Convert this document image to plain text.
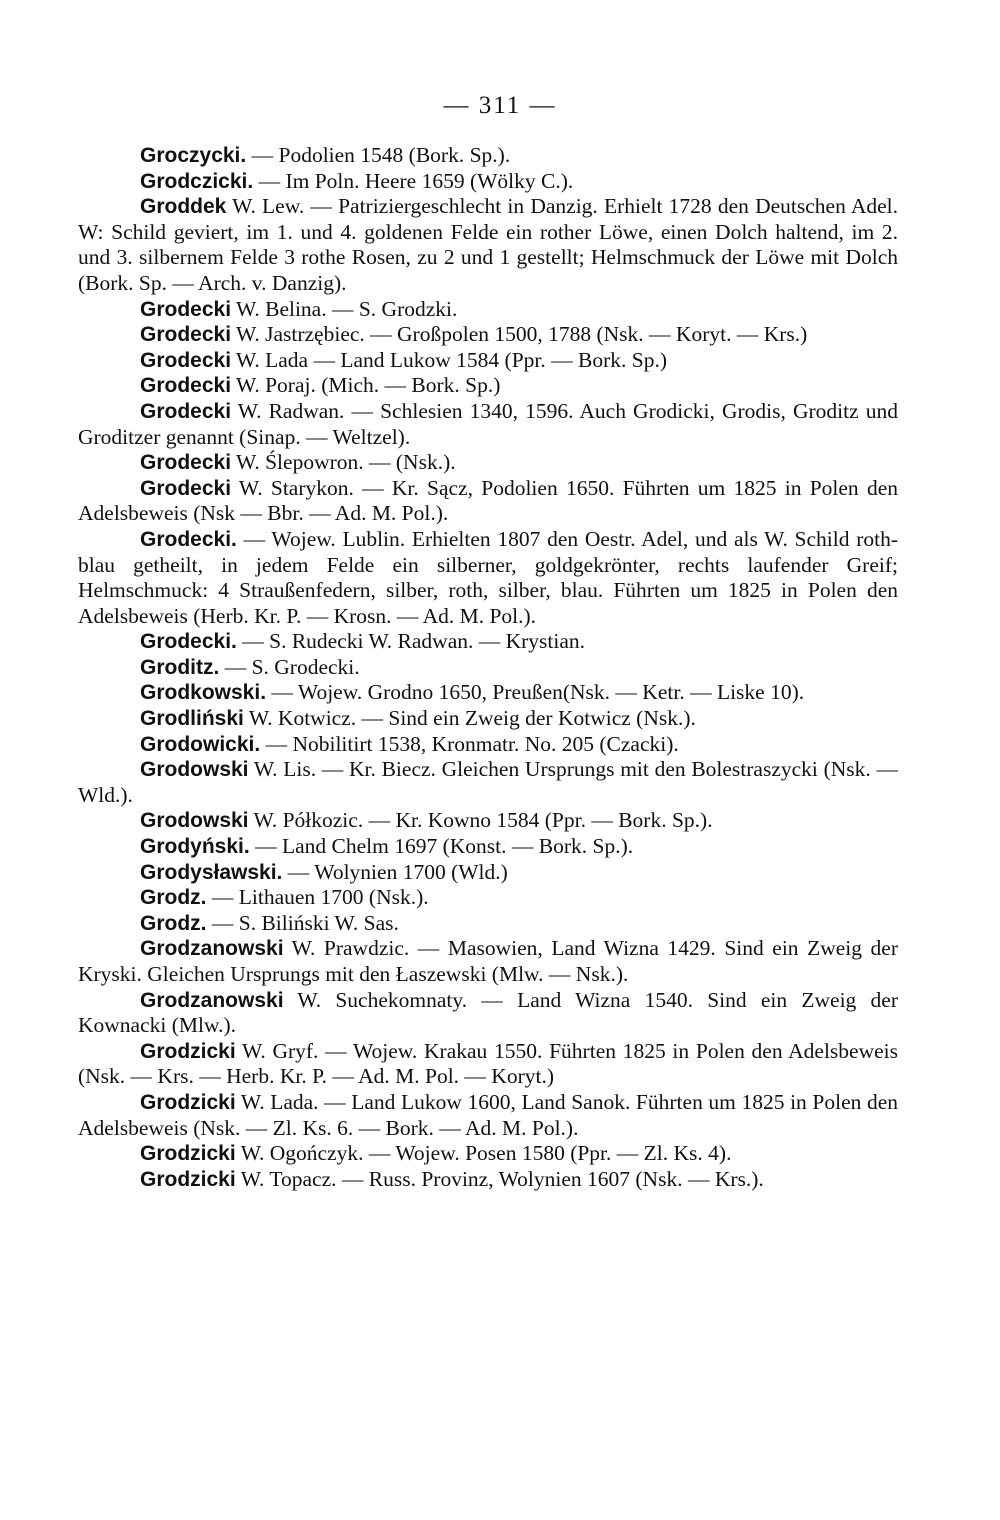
— 311 —

Groczycki. — Podolien 1548 (Bork. Sp.).

Grodczicki. — Im Poln. Heere 1659 (Wölky C.).

Groddek W. Lew. — Patriziergeschlecht in Danzig. Erhielt 1728 den Deutschen Adel. W: Schild geviert, im 1. und 4. goldenen Felde ein rother Löwe, einen Dolch haltend, im 2. und 3. silbernem Felde 3 rothe Rosen, zu 2 und 1 gestellt; Helmschmuck der Löwe mit Dolch (Bork. Sp. — Arch. v. Danzig).

Grodecki W. Belina. — S. Grodzki.

Grodecki W. Jastrzębiec. — Großpolen 1500, 1788 (Nsk. — Koryt. — Krs.)

Grodecki W. Lada — Land Lukow 1584 (Ppr. — Bork. Sp.)

Grodecki W. Poraj. (Mich. — Bork. Sp.)

Grodecki W. Radwan. — Schlesien 1340, 1596. Auch Grodicki, Grodis, Groditz und Groditzer genannt (Sinap. — Weltzel).

Grodecki W. Ślepowron. — (Nsk.).

Grodecki W. Starykon. — Kr. Sącz, Podolien 1650. Führten um 1825 in Polen den Adelsbeweis (Nsk — Bbr. — Ad. M. Pol.).

Grodecki. — Wojew. Lublin. Erhielten 1807 den Oestr. Adel, und als W. Schild roth-blau getheilt, in jedem Felde ein silberner, goldgekrönter, rechts laufender Greif; Helmschmuck: 4 Straußenfedern, silber, roth, silber, blau. Führten um 1825 in Polen den Adelsbeweis (Herb. Kr. P. — Krosn. — Ad. M. Pol.).

Grodecki. — S. Rudecki W. Radwan. — Krystian.

Groditz. — S. Grodecki.

Grodkowski. — Wojew. Grodno 1650, Preußen(Nsk. — Ketr. — Liske 10).

Grodliński W. Kotwicz. — Sind ein Zweig der Kotwicz (Nsk.).

Grodowicki. — Nobilitirt 1538, Kronmatr. No. 205 (Czacki).

Grodowski W. Lis. — Kr. Biecz. Gleichen Ursprungs mit den Bolestraszycki (Nsk. — Wld.).

Grodowski W. Półkozic. — Kr. Kowno 1584 (Ppr. — Bork. Sp.).

Grodyński. — Land Chelm 1697 (Konst. — Bork. Sp.).

Grodysławski. — Wolynien 1700 (Wld.)

Grodz. — Lithauen 1700 (Nsk.).

Grodz. — S. Biliński W. Sas.

Grodzanowski W. Prawdzic. — Masowien, Land Wizna 1429. Sind ein Zweig der Kryski. Gleichen Ursprungs mit den Łaszewski (Mlw. — Nsk.).

Grodzanowski W. Suchekomnaty. — Land Wizna 1540. Sind ein Zweig der Kownacki (Mlw.).

Grodzicki W. Gryf. — Wojew. Krakau 1550. Führten 1825 in Polen den Adelsbeweis (Nsk. — Krs. — Herb. Kr. P. — Ad. M. Pol. — Koryt.)

Grodzicki W. Lada. — Land Lukow 1600, Land Sanok. Führten um 1825 in Polen den Adelsbeweis (Nsk. — Zl. Ks. 6. — Bork. — Ad. M. Pol.).

Grodzicki W. Ogończyk. — Wojew. Posen 1580 (Ppr. — Zl. Ks. 4).

Grodzicki W. Topacz. — Russ. Provinz, Wolynien 1607 (Nsk. — Krs.).
